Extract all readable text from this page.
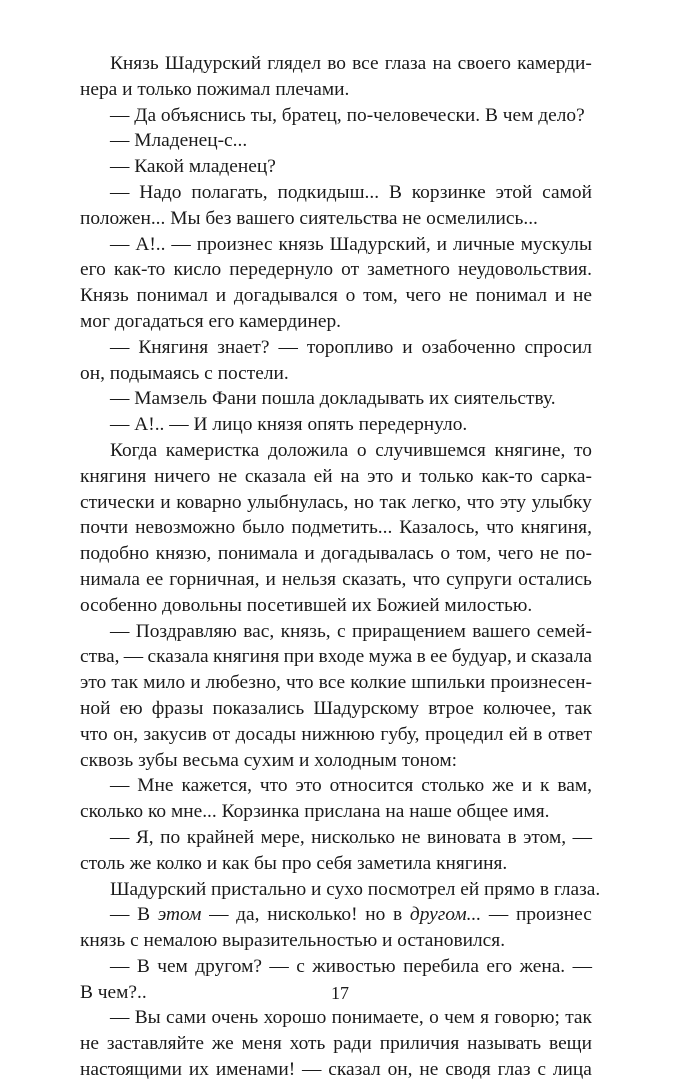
Князь Шадурский глядел во все глаза на своего камерди-
нера и только пожимал плечами.
— Да объяснись ты, братец, по-человечески. В чем дело?
— Младенец-с...
— Какой младенец?
— Надо полагать, подкидыш... В корзинке этой самой
положен... Мы без вашего сиятельства не осмелились...
— А!.. — произнес князь Шадурский, и личные мускулы
его как-то кисло передернуло от заметного неудовольствия.
Князь понимал и догадывался о том, чего не понимал и не
мог догадаться его камердинер.
— Княгиня знает? — торопливо и озабоченно спросил
он, подымаясь с постели.
— Мамзель Фани пошла докладывать их сиятельству.
— А!.. — И лицо князя опять передернуло.
Когда камеристка доложила о случившемся княгине, то
княгиня ничего не сказала ей на это и только как-то сарка-
стически и коварно улыбнулась, но так легко, что эту улыбку
почти невозможно было подметить... Казалось, что княгиня,
подобно князю, понимала и догадывалась о том, чего не по-
нимала ее горничная, и нельзя сказать, что супруги остались
особенно довольны посетившей их Божией милостью.
— Поздравляю вас, князь, с приращением вашего семей-
ства, — сказала княгиня при входе мужа в ее будуар, и сказала
это так мило и любезно, что все колкие шпильки произнесен-
ной ею фразы показались Шадурскому втрое колючее, так
что он, закусив от досады нижнюю губу, процедил ей в ответ
сквозь зубы весьма сухим и холодным тоном:
— Мне кажется, что это относится столько же и к вам,
сколько ко мне... Корзинка прислана на наше общее имя.
— Я, по крайней мере, нисколько не виновата в этом, —
столь же колко и как бы про себя заметила княгиня.
Шадурский пристально и сухо посмотрел ей прямо в глаза.
— В этом — да, нисколько! но в другом... — произнес
князь с немалою выразительностью и остановился.
— В чем другом? — с живостью перебила его жена. —
В чем?..
— Вы сами очень хорошо понимаете, о чем я говорю; так
не заставляйте же меня хоть ради приличия называть вещи
настоящими их именами! — сказал он, не сводя глаз с лица
17
